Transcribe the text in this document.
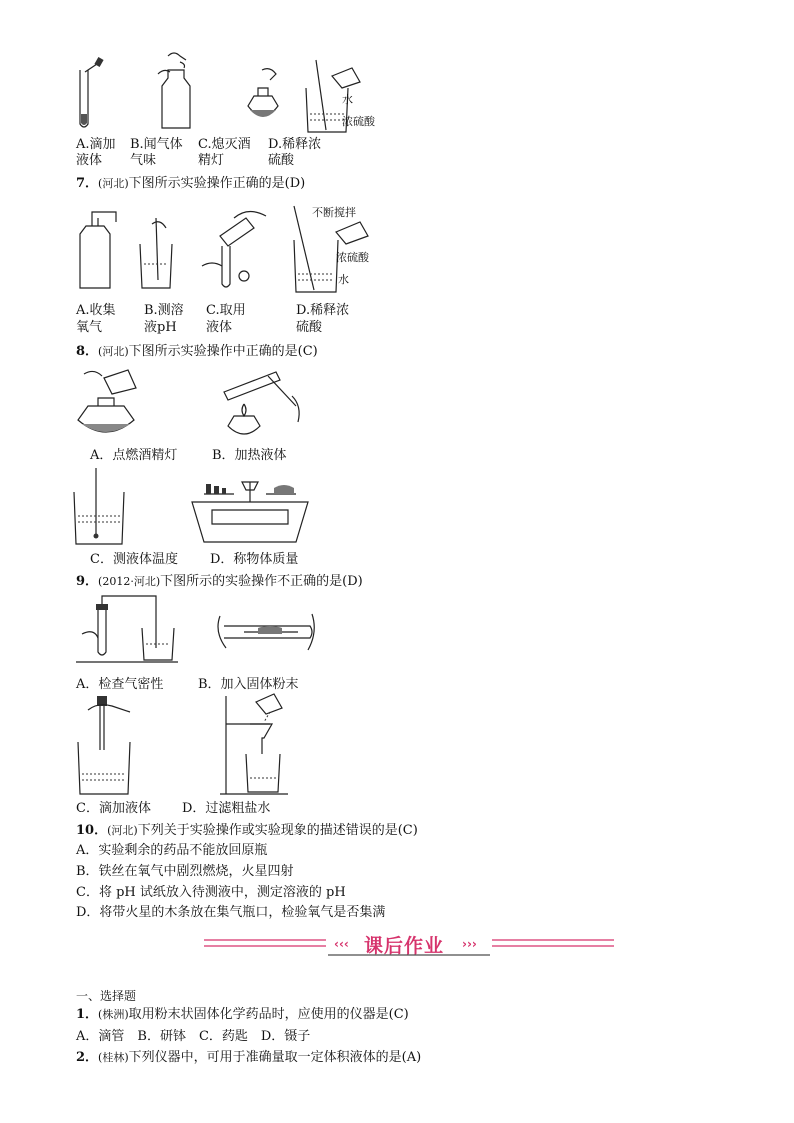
水
浓硫酸
A.滴加
液体
B.闻气体
气味
C.熄灭酒
精灯
D.稀释浓
硫酸
7．(河北)下图所示实验操作正确的是(D)
不断搅拌
浓硫酸
水
A.收集
氧气
B.测溶
液pH
C.取用
液体
D.稀释浓
硫酸
8．(河北)下图所示实验操作中正确的是(C)
A．点燃酒精灯	B．加热液体
C．测液体温度 D．称物体质量
9．(2012·河北)下图所示的实验操作不正确的是(D)
A．检查气密性	B．加入固体粉末
C．滴加液体 D．过滤粗盐水
10．(河北)下列关于实验操作或实验现象的描述错误的是(C)
A．实验剩余的药品不能放回原瓶
B．铁丝在氧气中剧烈燃烧，火星四射
C．将 pH 试纸放入待测液中，测定溶液的 pH
D．将带火星的木条放在集气瓶口，检验氧气是否集满
‹‹‹	›››
课后作业
一、选择题
1．(株洲)取用粉末状固体化学药品时，应使用的仪器是(C)
A．滴管　B．研钵　C．药匙　D．镊子
2．(桂林)下列仪器中，可用于准确量取一定体积液体的是(A)
